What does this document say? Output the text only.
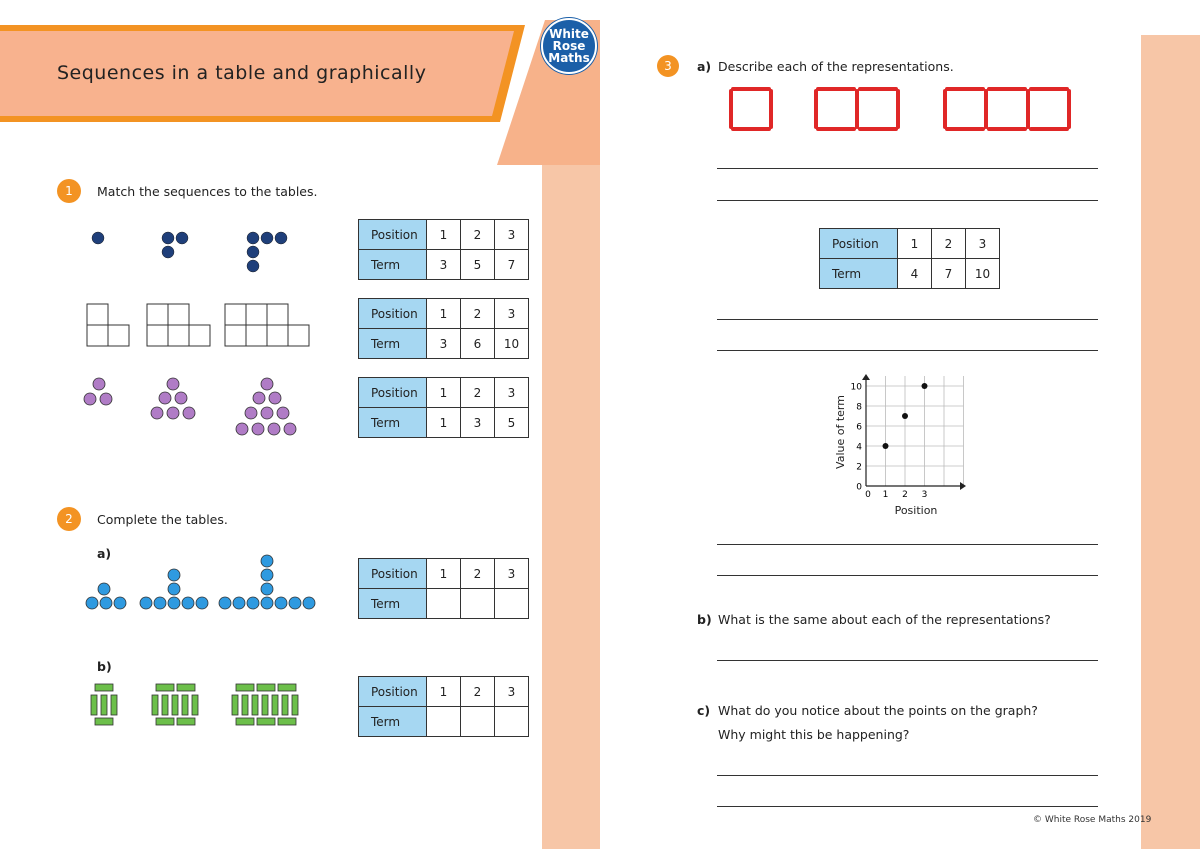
Sequences in a table and graphically
White
Rose
Maths
1	Match the sequences to the tables.
Position	1	2	3
Term	3	5	7
Position	1	2	3
Term	3	6	10
Position	1	2	3
Term	1	3	5
2	Complete the tables.
a)
Position	1	2	3
Term			
b)
Position	1	2	3
Term			
3	a) Describe each of the representations.
Position	1	2	3
Term	4	7	10
0
2
4
6
8
10
0 1 2 3
Value of term
Position
b) What is the same about each of the representations?
c) What do you notice about the points on the graph?
Why might this be happening?
© White Rose Maths 2019
